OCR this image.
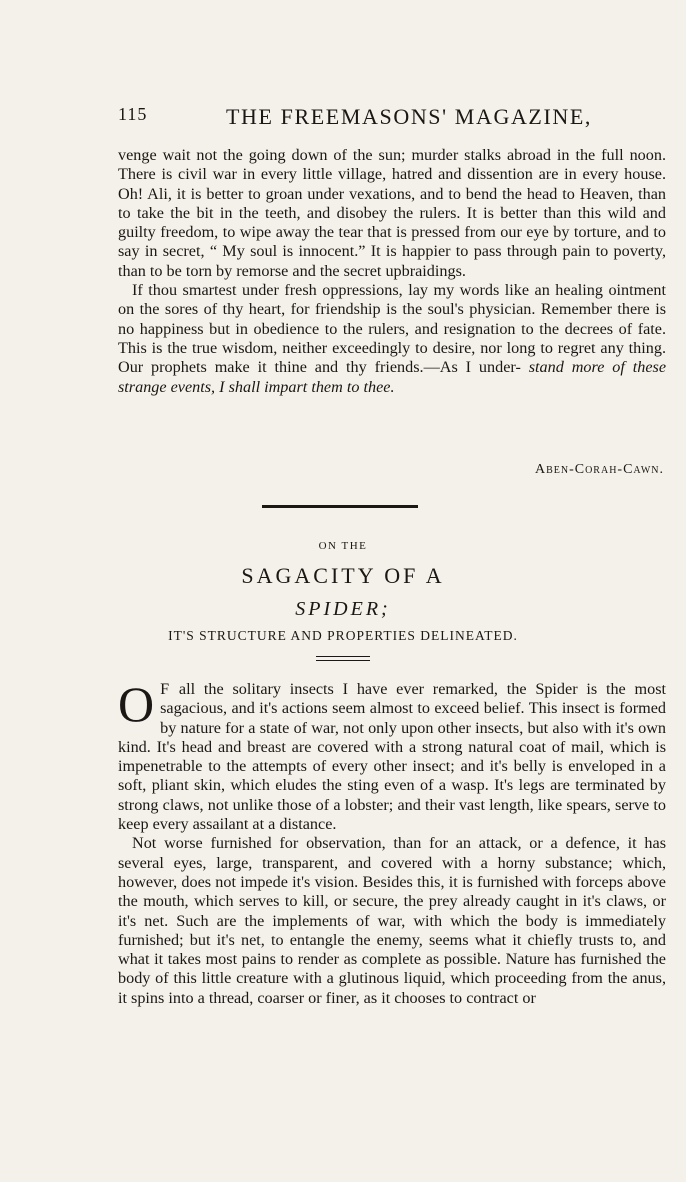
115	THE FREEMASONS' MAGAZINE,

venge wait not the going down of the sun; murder stalks abroad in the full noon. There is civil war in every little village, hatred and dissention are in every house. Oh! Ali, it is better to groan under vexations, and to bend the head to Heaven, than to take the bit in the teeth, and disobey the rulers. It is better than this wild and guilty freedom, to wipe away the tear that is pressed from our eye by torture, and to say in secret, “ My soul is innocent.” It is happier to pass through pain to poverty, than to be torn by remorse and the secret upbraidings.

If thou smartest under fresh oppressions, lay my words like an healing ointment on the sores of thy heart, for friendship is the soul's physician. Remember there is no happiness but in obedience to the rulers, and resignation to the decrees of fate. This is the true wisdom, neither exceedingly to desire, nor long to regret any thing. Our prophets make it thine and thy friends.—As I under- stand more of these strange events, I shall impart them to thee.

Aben-Corah-Cawn.
ON THE
SAGACITY OF A
SPIDER;
IT'S STRUCTURE AND PROPERTIES DELINEATED.

O F all the solitary insects I have ever remarked, the Spider is the most sagacious, and it's actions seem almost to exceed belief. This insect is formed by nature for a state of war, not only upon other insects, but also with it's own kind. It's head and breast are covered with a strong natural coat of mail, which is impenetrable to the attempts of every other insect; and it's belly is enveloped in a soft, pliant skin, which eludes the sting even of a wasp. It's legs are terminated by strong claws, not unlike those of a lobster; and their vast length, like spears, serve to keep every assailant at a distance.

Not worse furnished for observation, than for an attack, or a defence, it has several eyes, large, transparent, and covered with a horny substance; which, however, does not impede it's vision. Besides this, it is furnished with forceps above the mouth, which serves to kill, or secure, the prey already caught in it's claws, or it's net. Such are the implements of war, with which the body is immediately furnished; but it's net, to entangle the enemy, seems what it chiefly trusts to, and what it takes most pains to render as complete as possible. Nature has furnished the body of this little creature with a glutinous liquid, which proceeding from the anus, it spins into a thread, coarser or finer, as it chooses to contract or
